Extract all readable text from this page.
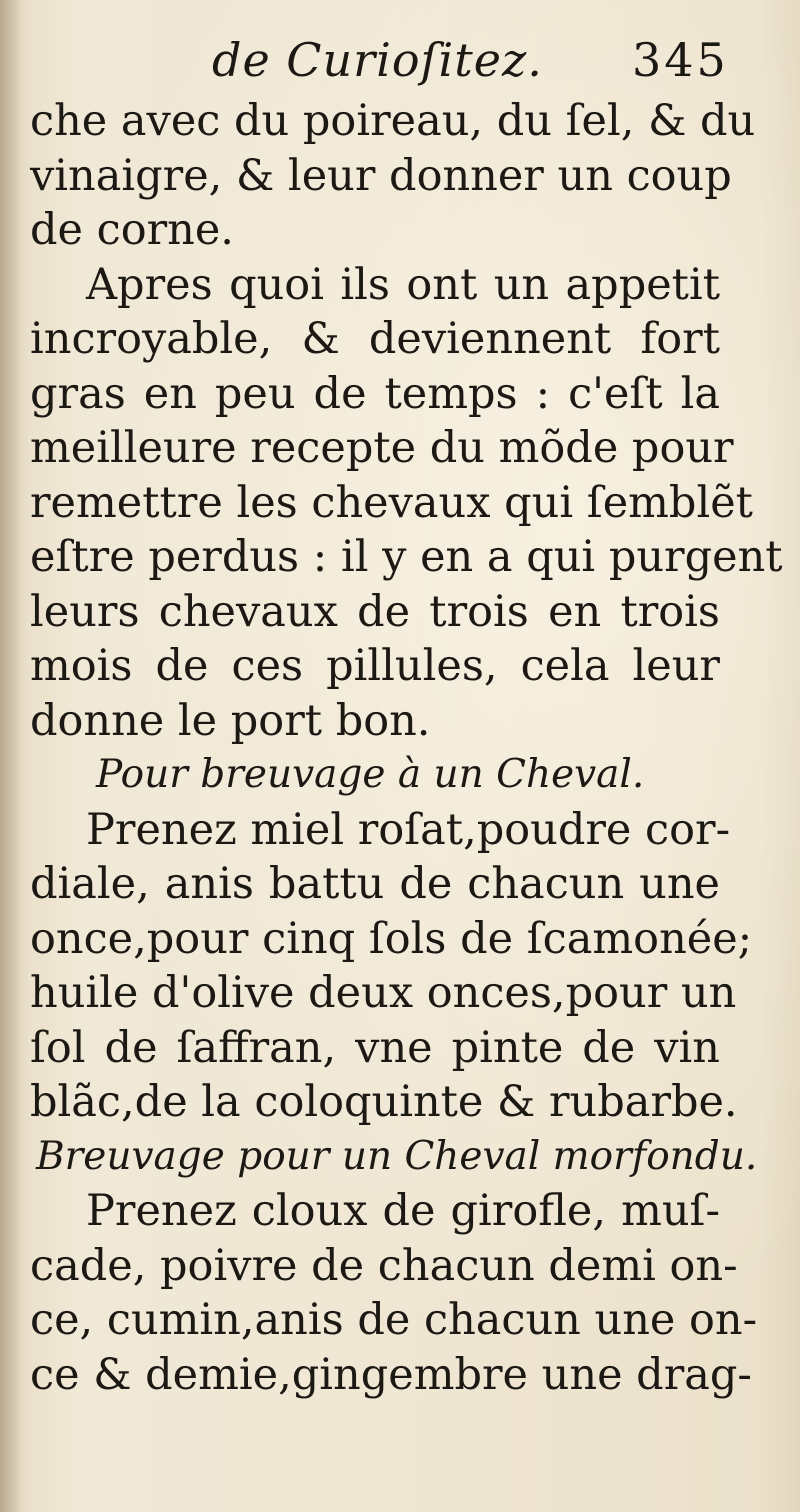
de Curioſitez. 345
che avec du poireau, du ſel, & du
vinaigre, & leur donner un coup
de corne.
Apres quoi ils ont un appetit
incroyable, & deviennent fort
gras en peu de temps : c'eſt la
meilleure recepte du mõde pour
remettre les chevaux qui ſemblẽt
eſtre perdus : il y en a qui purgent
leurs chevaux de trois en trois
mois de ces pillules, cela leur
donne le port bon.
Pour breuvage à un Cheval.
Prenez miel roſat,poudre cor-
diale, anis battu de chacun une
once,pour cinq ſols de ſcamonée;
huile d'olive deux onces,pour un
ſol de ſaffran, vne pinte de vin
blãc,de la coloquinte & rubarbe.
Breuvage pour un Cheval morfondu.
Prenez cloux de girofle, muſ-
cade, poivre de chacun demi on-
ce, cumin,anis de chacun une on-
ce & demie,gingembre une drag-
